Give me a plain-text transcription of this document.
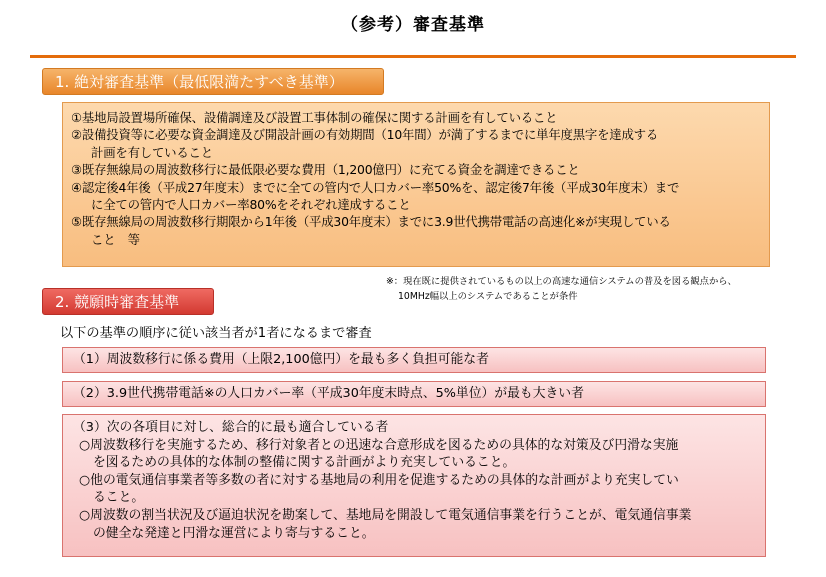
（参考）審査基準
1. 絶対審査基準（最低限満たすべき基準）
①基地局設置場所確保、設備調達及び設置工事体制の確保に関する計画を有していること
②設備投資等に必要な資金調達及び開設計画の有効期間（10年間）が満了するまでに単年度黒字を達成する
計画を有していること
③既存無線局の周波数移行に最低限必要な費用（1,200億円）に充てる資金を調達できること
④認定後4年後（平成27年度末）までに全ての管内で人口カバー率50%を、認定後7年後（平成30年度末）まで
に全ての管内で人口カバー率80%をそれぞれ達成すること
⑤既存無線局の周波数移行期限から1年後（平成30年度末）までに3.9世代携帯電話の高速化※が実現している
こと　等
※：現在既に提供されているもの以上の高速な通信システムの普及を図る観点から、
10MHz幅以上のシステムであることが条件
2. 競願時審査基準
以下の基準の順序に従い該当者が1者になるまで審査
（1）周波数移行に係る費用（上限2,100億円）を最も多く負担可能な者
（2）3.9世代携帯電話※の人口カバー率（平成30年度末時点、5%単位）が最も大きい者
（3）次の各項目に対し、総合的に最も適合している者
○周波数移行を実施するため、移行対象者との迅速な合意形成を図るための具体的な対策及び円滑な実施
を図るための具体的な体制の整備に関する計画がより充実していること。
○他の電気通信事業者等多数の者に対する基地局の利用を促進するための具体的な計画がより充実してい
ること。
○周波数の割当状況及び逼迫状況を勘案して、基地局を開設して電気通信事業を行うことが、電気通信事業
の健全な発達と円滑な運営により寄与すること。
